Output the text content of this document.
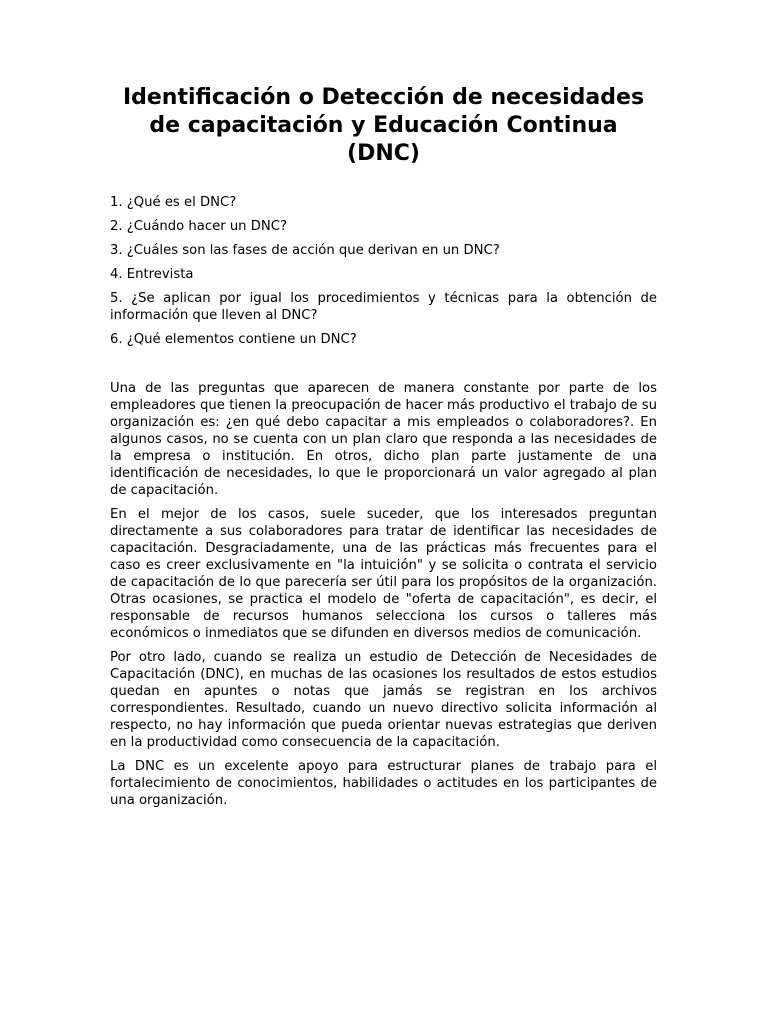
Identificación o Detección de necesidades de capacitación y Educación Continua (DNC)
1. ¿Qué es el DNC?
2. ¿Cuándo hacer un DNC?
3. ¿Cuáles son las fases de acción que derivan en un DNC?
4. Entrevista
5. ¿Se aplican por igual los procedimientos y técnicas para la obtención de información que lleven al DNC?
6. ¿Qué elementos contiene un DNC?

Una de las preguntas que aparecen de manera constante por parte de los empleadores que tienen la preocupación de hacer más productivo el trabajo de su organización es: ¿en qué debo capacitar a mis empleados o colaboradores?. En algunos casos, no se cuenta con un plan claro que responda a las necesidades de la empresa o institución. En otros, dicho plan parte justamente de una identificación de necesidades, lo que le proporcionará un valor agregado al plan de capacitación.

En el mejor de los casos, suele suceder, que los interesados preguntan directamente a sus colaboradores para tratar de identificar las necesidades de capacitación. Desgraciadamente, una de las prácticas más frecuentes para el caso es creer exclusivamente en "la intuición" y se solicita o contrata el servicio de capacitación de lo que parecería ser útil para los propósitos de la organización. Otras ocasiones, se practica el modelo de "oferta de capacitación", es decir, el responsable de recursos humanos selecciona los cursos o talleres más económicos o inmediatos que se difunden en diversos medios de comunicación.

Por otro lado, cuando se realiza un estudio de Detección de Necesidades de Capacitación (DNC), en muchas de las ocasiones los resultados de estos estudios quedan en apuntes o notas que jamás se registran en los archivos correspondientes. Resultado, cuando un nuevo directivo solicita información al respecto, no hay información que pueda orientar nuevas estrategias que deriven en la productividad como consecuencia de la capacitación.

La DNC es un excelente apoyo para estructurar planes de trabajo para el fortalecimiento de conocimientos, habilidades o actitudes en los participantes de una organización.
